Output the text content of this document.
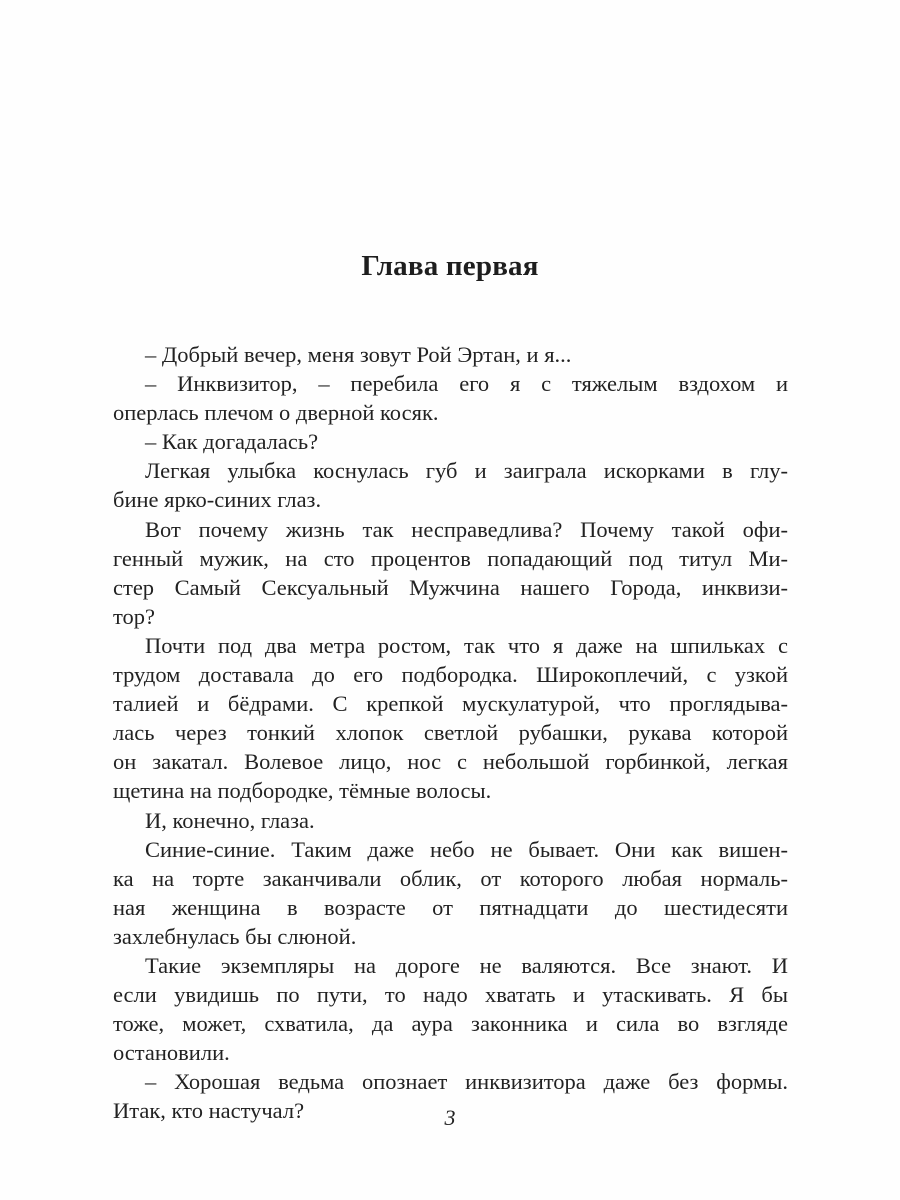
Глава первая
– Добрый вечер, меня зовут Рой Эртан, и я...
– Инквизитор, – перебила его я с тяжелым вздохом и
оперлась плечом о дверной косяк.
– Как догадалась?
Легкая улыбка коснулась губ и заиграла искорками в глу-
бине ярко-синих глаз.
Вот почему жизнь так несправедлива? Почему такой офи-
генный мужик, на сто процентов попадающий под титул Ми-
стер Самый Сексуальный Мужчина нашего Города, инквизи-
тор?
Почти под два метра ростом, так что я даже на шпильках с
трудом доставала до его подбородка. Широкоплечий, с узкой
талией и бёдрами. С крепкой мускулатурой, что проглядыва-
лась через тонкий хлопок светлой рубашки, рукава которой
он закатал. Волевое лицо, нос с небольшой горбинкой, легкая
щетина на подбородке, тёмные волосы.
И, конечно, глаза.
Синие-синие. Таким даже небо не бывает. Они как вишен-
ка на торте заканчивали облик, от которого любая нормаль-
ная женщина в возрасте от пятнадцати до шестидесяти
захлебнулась бы слюной.
Такие экземпляры на дороге не валяются. Все знают. И
если увидишь по пути, то надо хватать и утаскивать. Я бы
тоже, может, схватила, да аура законника и сила во взгляде
остановили.
– Хорошая ведьма опознает инквизитора даже без формы.
Итак, кто настучал?	3
